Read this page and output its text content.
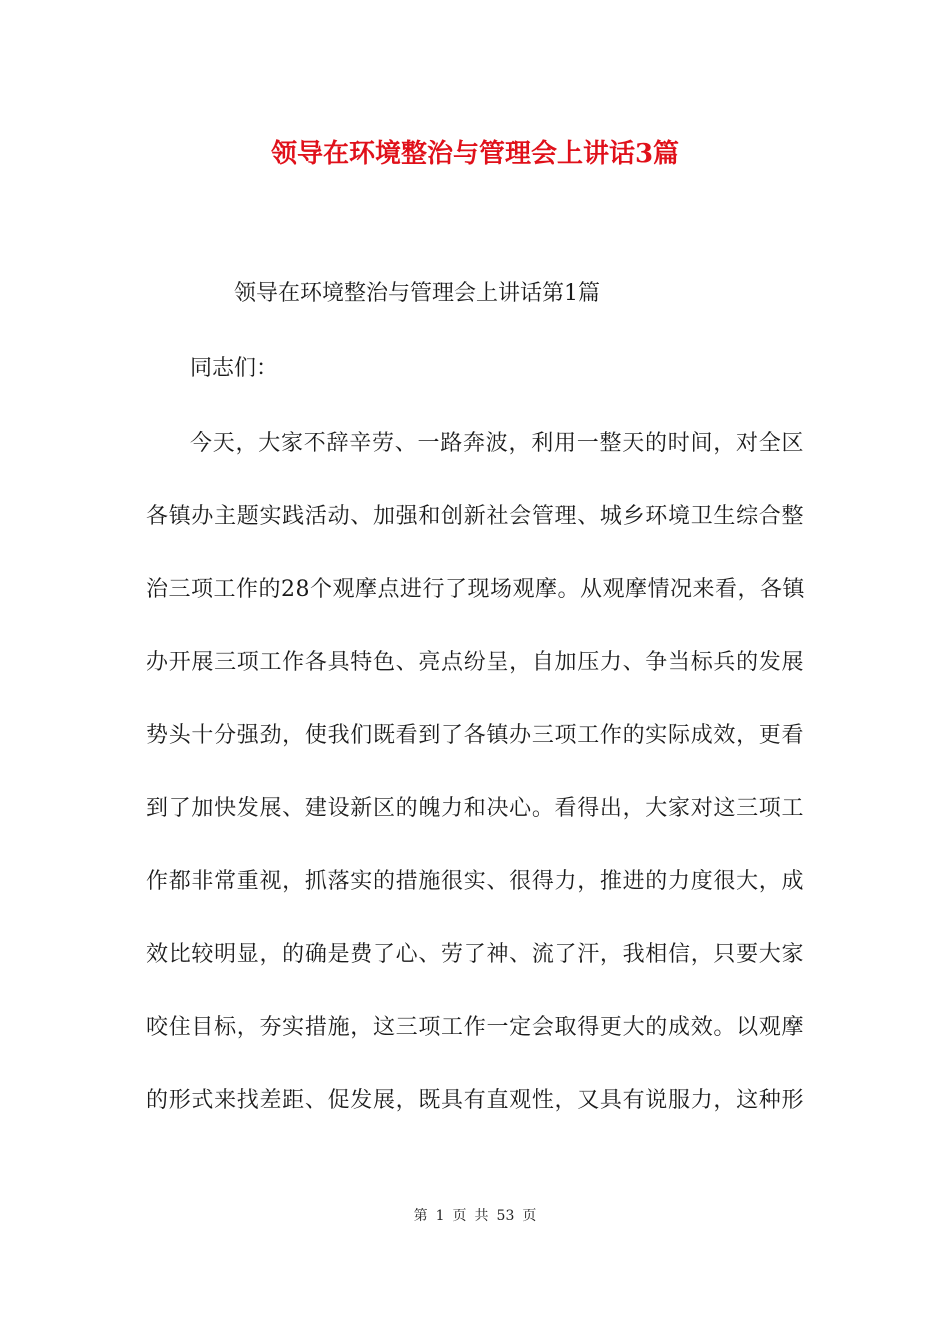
领导在环境整治与管理会上讲话3篇
领导在环境整治与管理会上讲话第1篇
同志们：
今天，大家不辞辛劳、一路奔波，利用一整天的时间，对全区
各镇办主题实践活动、加强和创新社会管理、城乡环境卫生综合整
治三项工作的28个观摩点进行了现场观摩。从观摩情况来看，各镇
办开展三项工作各具特色、亮点纷呈，自加压力、争当标兵的发展
势头十分强劲，使我们既看到了各镇办三项工作的实际成效，更看
到了加快发展、建设新区的魄力和决心。看得出，大家对这三项工
作都非常重视，抓落实的措施很实、很得力，推进的力度很大，成
效比较明显，的确是费了心、劳了神、流了汗，我相信，只要大家
咬住目标，夯实措施，这三项工作一定会取得更大的成效。以观摩
的形式来找差距、促发展，既具有直观性，又具有说服力，这种形
第 1 页 共 53 页
